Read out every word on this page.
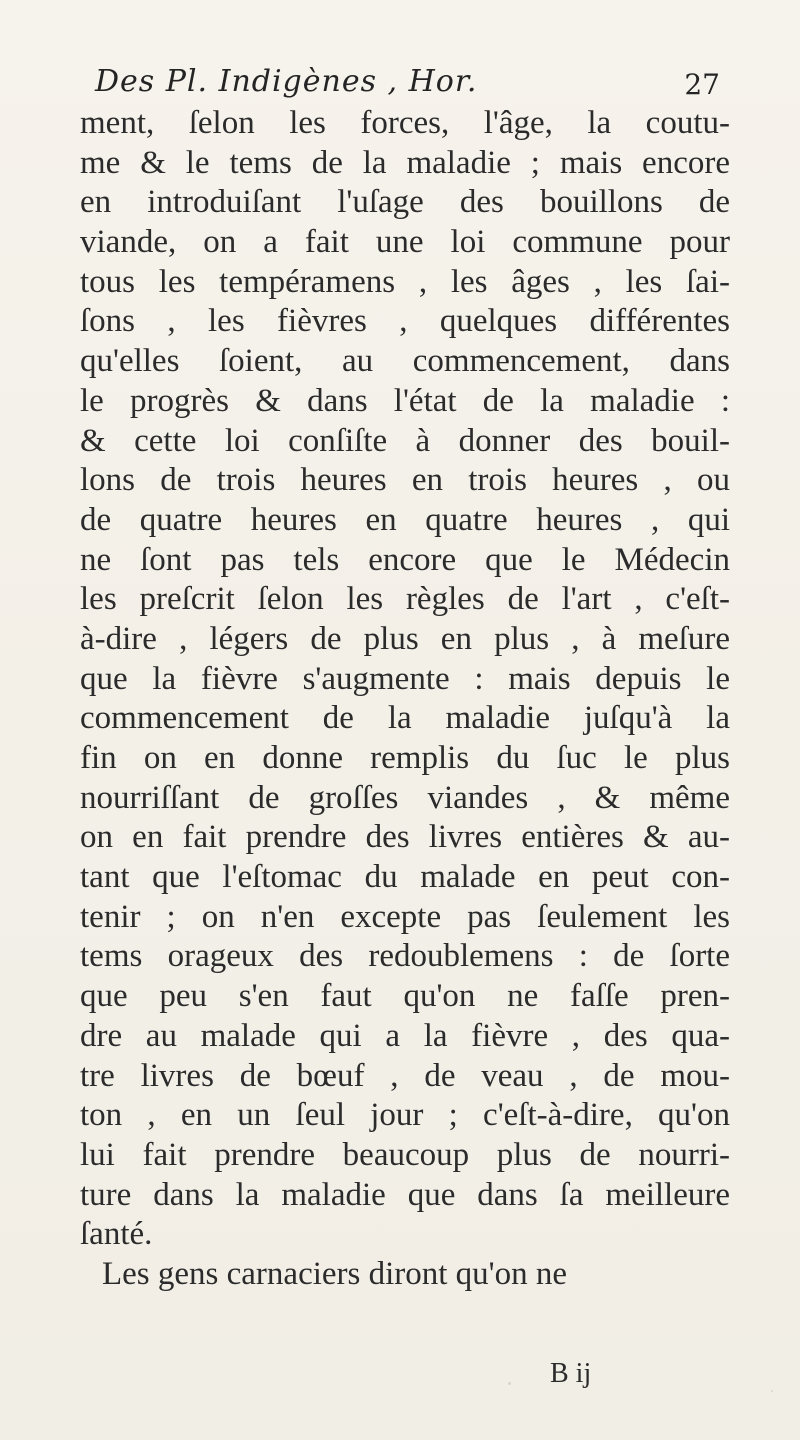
Des Pl. Indigènes , Hor.	27
ment, ſelon les forces, l'âge, la coutu-
me & le tems de la maladie ; mais encore
en introduiſant l'uſage des bouillons de
viande, on a fait une loi commune pour
tous les tempéramens , les âges , les ſai-
ſons , les fièvres , quelques différentes
qu'elles ſoient, au commencement, dans
le progrès & dans l'état de la maladie :
& cette loi conſiſte à donner des bouil-
lons de trois heures en trois heures , ou
de quatre heures en quatre heures , qui
ne ſont pas tels encore que le Médecin
les preſcrit ſelon les règles de l'art , c'eſt-
à-dire , légers de plus en plus , à meſure
que la fièvre s'augmente : mais depuis le
commencement de la maladie juſqu'à la
fin on en donne remplis du ſuc le plus
nourriſſant de groſſes viandes , & même
on en fait prendre des livres entières & au-
tant que l'eſtomac du malade en peut con-
tenir ; on n'en excepte pas ſeulement les
tems orageux des redoublemens : de ſorte
que peu s'en faut qu'on ne faſſe pren-
dre au malade qui a la fièvre , des qua-
tre livres de bœuf , de veau , de mou-
ton , en un ſeul jour ; c'eſt-à-dire, qu'on
lui fait prendre beaucoup plus de nourri-
ture dans la maladie que dans ſa meilleure
ſanté.
Les gens carnaciers diront qu'on ne
B ij
